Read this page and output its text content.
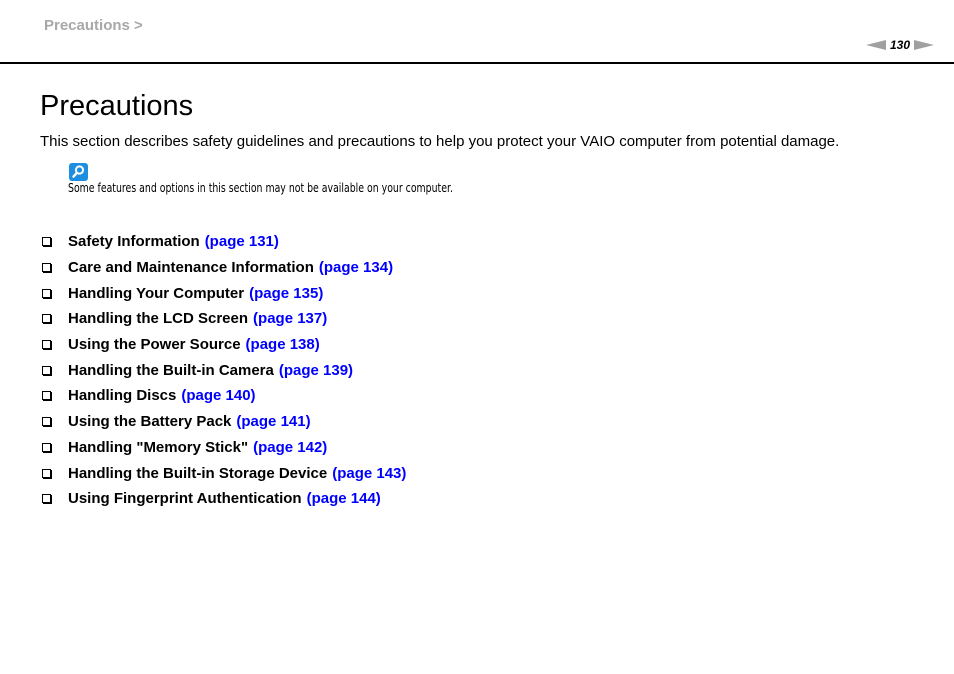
Precautions >
130
Precautions
This section describes safety guidelines and precautions to help you protect your VAIO computer from potential damage.
Some features and options in this section may not be available on your computer.
Safety Information (page 131)
Care and Maintenance Information (page 134)
Handling Your Computer (page 135)
Handling the LCD Screen (page 137)
Using the Power Source (page 138)
Handling the Built-in Camera (page 139)
Handling Discs (page 140)
Using the Battery Pack (page 141)
Handling "Memory Stick" (page 142)
Handling the Built-in Storage Device (page 143)
Using Fingerprint Authentication (page 144)
